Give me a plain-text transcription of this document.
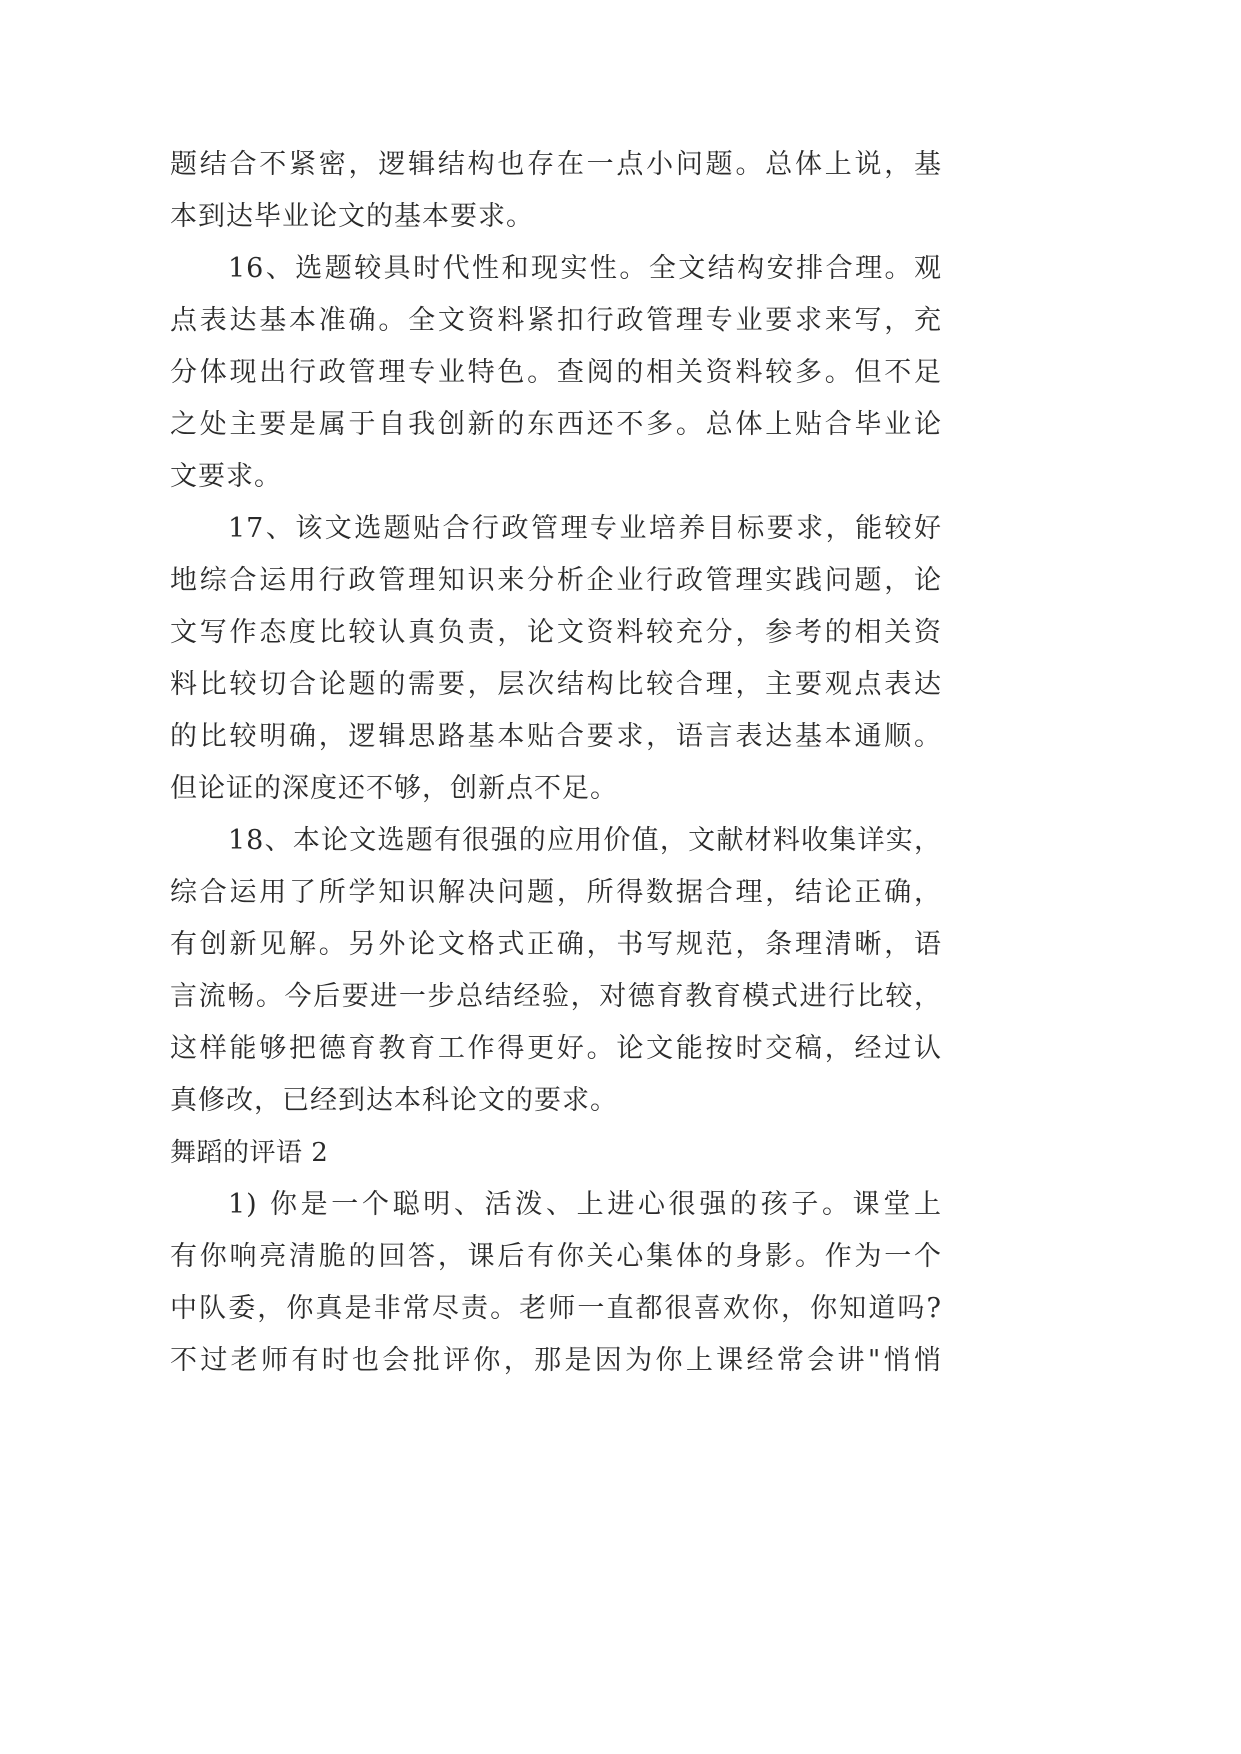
题结合不紧密，逻辑结构也存在一点小问题。总体上说，基
本到达毕业论文的基本要求。
16、选题较具时代性和现实性。全文结构安排合理。观
点表达基本准确。全文资料紧扣行政管理专业要求来写，充
分体现出行政管理专业特色。查阅的相关资料较多。但不足
之处主要是属于自我创新的东西还不多。总体上贴合毕业论
文要求。
17、该文选题贴合行政管理专业培养目标要求，能较好
地综合运用行政管理知识来分析企业行政管理实践问题，论
文写作态度比较认真负责，论文资料较充分，参考的相关资
料比较切合论题的需要，层次结构比较合理，主要观点表达
的比较明确，逻辑思路基本贴合要求，语言表达基本通顺。
但论证的深度还不够，创新点不足。
18、本论文选题有很强的应用价值，文献材料收集详实，
综合运用了所学知识解决问题，所得数据合理，结论正确，
有创新见解。另外论文格式正确，书写规范，条理清晰，语
言流畅。今后要进一步总结经验，对德育教育模式进行比较，
这样能够把德育教育工作得更好。论文能按时交稿，经过认
真修改，已经到达本科论文的要求。
舞蹈的评语 2
1) 你是一个聪明、活泼、上进心很强的孩子。课堂上
有你响亮清脆的回答，课后有你关心集体的身影。作为一个
中队委，你真是非常尽责。老师一直都很喜欢你，你知道吗?
不过老师有时也会批评你，那是因为你上课经常会讲"悄悄
